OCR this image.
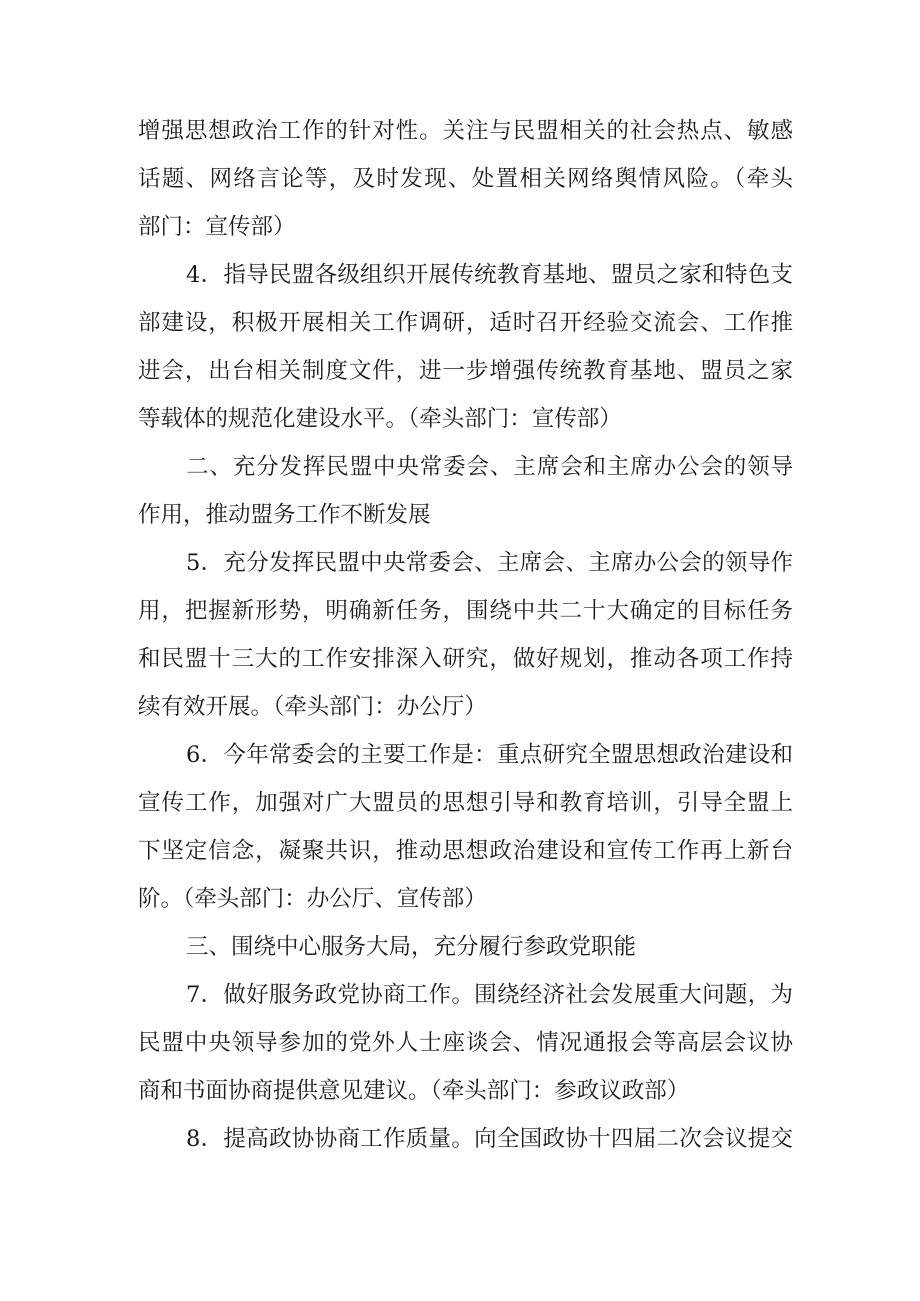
增强思想政治工作的针对性。关注与民盟相关的社会热点、敏感
话题、网络言论等，及时发现、处置相关网络舆情风险。（牵头
部门：宣传部）
4．指导民盟各级组织开展传统教育基地、盟员之家和特色支
部建设，积极开展相关工作调研，适时召开经验交流会、工作推
进会，出台相关制度文件，进一步增强传统教育基地、盟员之家
等载体的规范化建设水平。（牵头部门：宣传部）
二、充分发挥民盟中央常委会、主席会和主席办公会的领导
作用，推动盟务工作不断发展
5．充分发挥民盟中央常委会、主席会、主席办公会的领导作
用，把握新形势，明确新任务，围绕中共二十大确定的目标任务
和民盟十三大的工作安排深入研究，做好规划，推动各项工作持
续有效开展。（牵头部门：办公厅）
6．今年常委会的主要工作是：重点研究全盟思想政治建设和
宣传工作，加强对广大盟员的思想引导和教育培训，引导全盟上
下坚定信念，凝聚共识，推动思想政治建设和宣传工作再上新台
阶。（牵头部门：办公厅、宣传部）
三、围绕中心服务大局，充分履行参政党职能
7．做好服务政党协商工作。围绕经济社会发展重大问题，为
民盟中央领导参加的党外人士座谈会、情况通报会等高层会议协
商和书面协商提供意见建议。（牵头部门：参政议政部）
8．提高政协协商工作质量。向全国政协十四届二次会议提交
